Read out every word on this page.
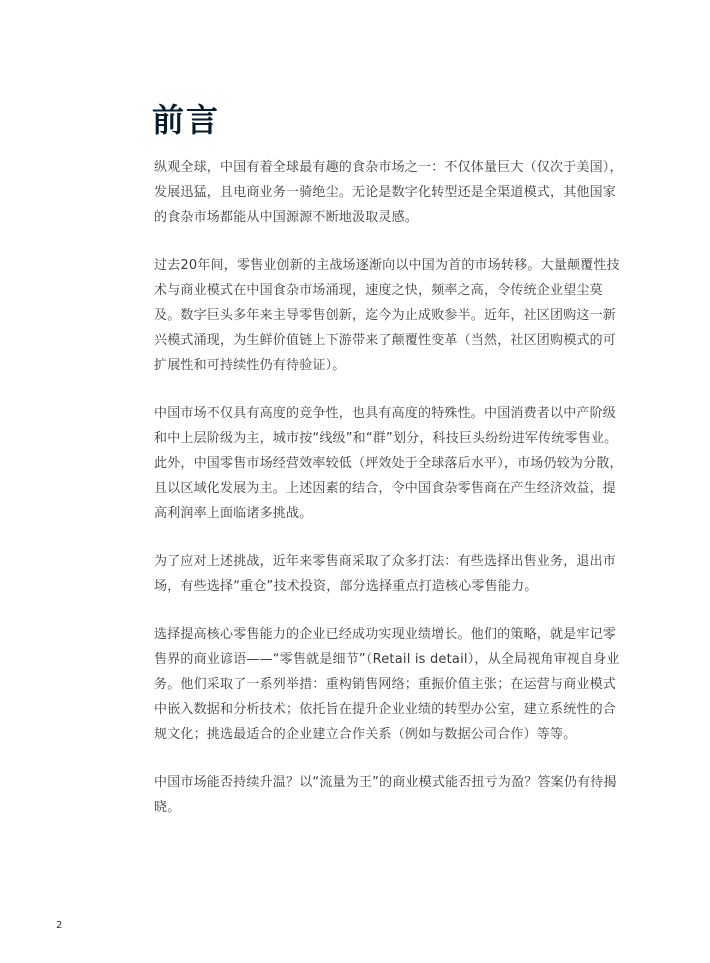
前言

纵观全球，中国有着全球最有趣的食杂市场之一：不仅体量巨大（仅次于美国），发展迅猛，且电商业务一骑绝尘。无论是数字化转型还是全渠道模式，其他国家的食杂市场都能从中国源源不断地汲取灵感。

过去20年间，零售业创新的主战场逐渐向以中国为首的市场转移。大量颠覆性技术与商业模式在中国食杂市场涌现，速度之快，频率之高，令传统企业望尘莫及。数字巨头多年来主导零售创新，迄今为止成败参半。近年，社区团购这一新兴模式涌现，为生鲜价值链上下游带来了颠覆性变革（当然，社区团购模式的可扩展性和可持续性仍有待验证）。

中国市场不仅具有高度的竞争性，也具有高度的特殊性。中国消费者以中产阶级和中上层阶级为主，城市按“线级”和“群”划分，科技巨头纷纷进军传统零售业。此外，中国零售市场经营效率较低（坪效处于全球落后水平），市场仍较为分散，且以区域化发展为主。上述因素的结合，令中国食杂零售商在产生经济效益，提高利润率上面临诸多挑战。

为了应对上述挑战，近年来零售商采取了众多打法：有些选择出售业务，退出市场，有些选择“重仓”技术投资，部分选择重点打造核心零售能力。

选择提高核心零售能力的企业已经成功实现业绩增长。他们的策略，就是牢记零售界的商业谚语——“零售就是细节”（Retail is detail），从全局视角审视自身业务。他们采取了一系列举措：重构销售网络；重振价值主张；在运营与商业模式中嵌入数据和分析技术；依托旨在提升企业业绩的转型办公室，建立系统性的合规文化；挑选最适合的企业建立合作关系（例如与数据公司合作）等等。

中国市场能否持续升温？以“流量为王”的商业模式能否扭亏为盈？答案仍有待揭晓。

2
